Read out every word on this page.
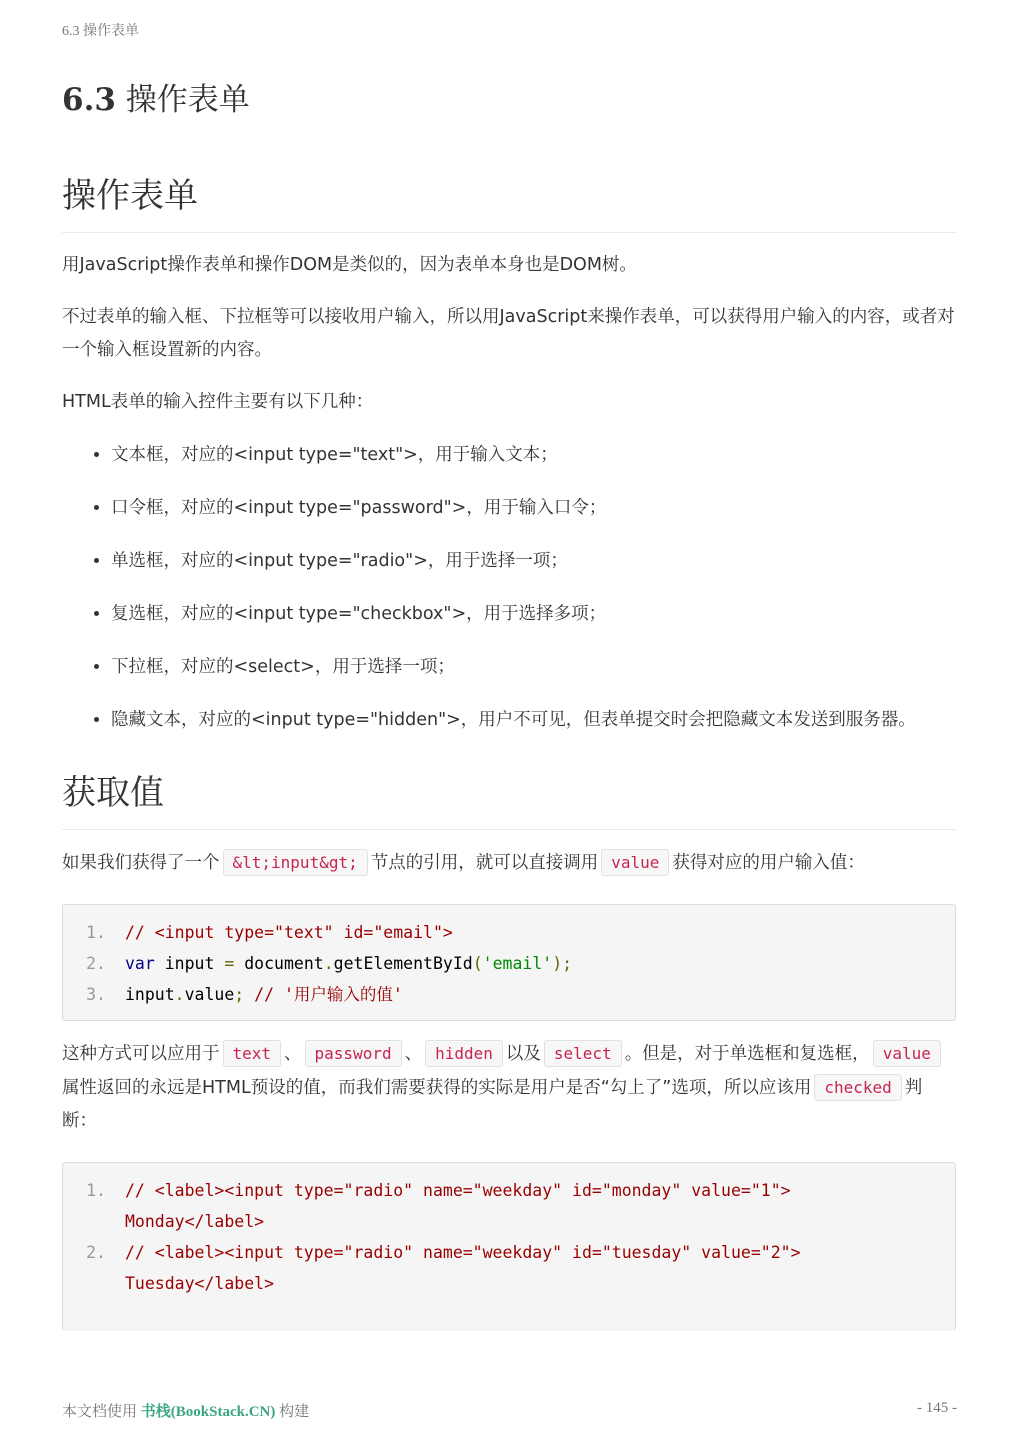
6.3 操作表单
6.3 操作表单
操作表单

用JavaScript操作表单和操作DOM是类似的，因为表单本身也是DOM树。

不过表单的输入框、下拉框等可以接收用户输入，所以用JavaScript来操作表单，可以获得用户输入的内容，或者对一个输入框设置新的内容。

HTML表单的输入控件主要有以下几种：

• 文本框，对应的<input type="text">，用于输入文本；
• 口令框，对应的<input type="password">，用于输入口令；
• 单选框，对应的<input type="radio">，用于选择一项；
• 复选框，对应的<input type="checkbox">，用于选择多项；
• 下拉框，对应的<select>，用于选择一项；
• 隐藏文本，对应的<input type="hidden">，用户不可见，但表单提交时会把隐藏文本发送到服务器。
获取值

如果我们获得了一个 &lt;input&gt; 节点的引用，就可以直接调用 value 获得对应的用户输入值：

1.	// <input type="text" id="email">
2.	var input = document.getElementById('email');
3.	input.value; // '用户输入的值'

这种方式可以应用于 text 、 password 、 hidden 以及 select 。但是，对于单选框和复选框， value属性返回的永远是HTML预设的值，而我们需要获得的实际是用户是否“勾上了”选项，所以应该用 checked 判断：

1.	// <label><input type="radio" name="weekday" id="monday" value="1"> Monday</label>
2.	// <label><input type="radio" name="weekday" id="tuesday" value="2"> Tuesday</label>
本文档使用 书栈(BookStack.CN) 构建	- 145 -
